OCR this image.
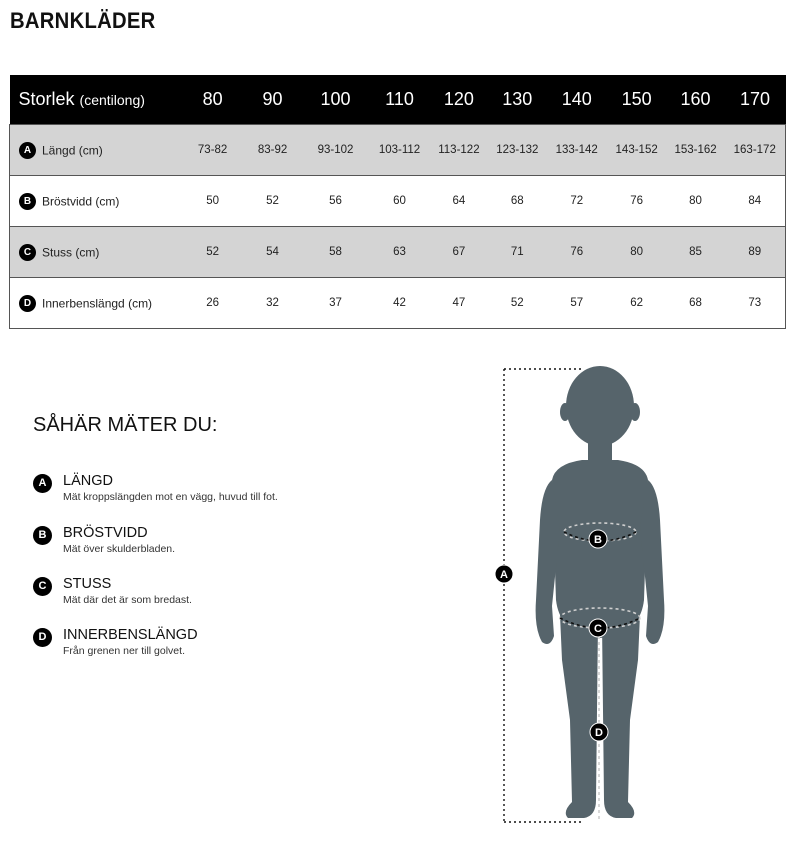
BARNKLÄDER
Storlek (centilong)	80	90	100	110	120	130	140	150	160	170
A Längd (cm)	73-82	83-92	93-102	103-112	113-122	123-132	133-142	143-152	153-162	163-172
B Bröstvidd (cm)	50	52	56	60	64	68	72	76	80	84
C Stuss (cm)	52	54	58	63	67	71	76	80	85	89
D Innerbenslängd (cm)	26	32	37	42	47	52	57	62	68	73
SÅHÄR MÄTER DU:
A	LÄNGD
Mät kroppslängden mot en vägg, huvud till fot.
B	BRÖSTVIDD
Mät över skulderbladen.
C	STUSS
Mät där det är som bredast.
D	INNERBENSLÄNGD
Från grenen ner till golvet.
A
B
C
D
